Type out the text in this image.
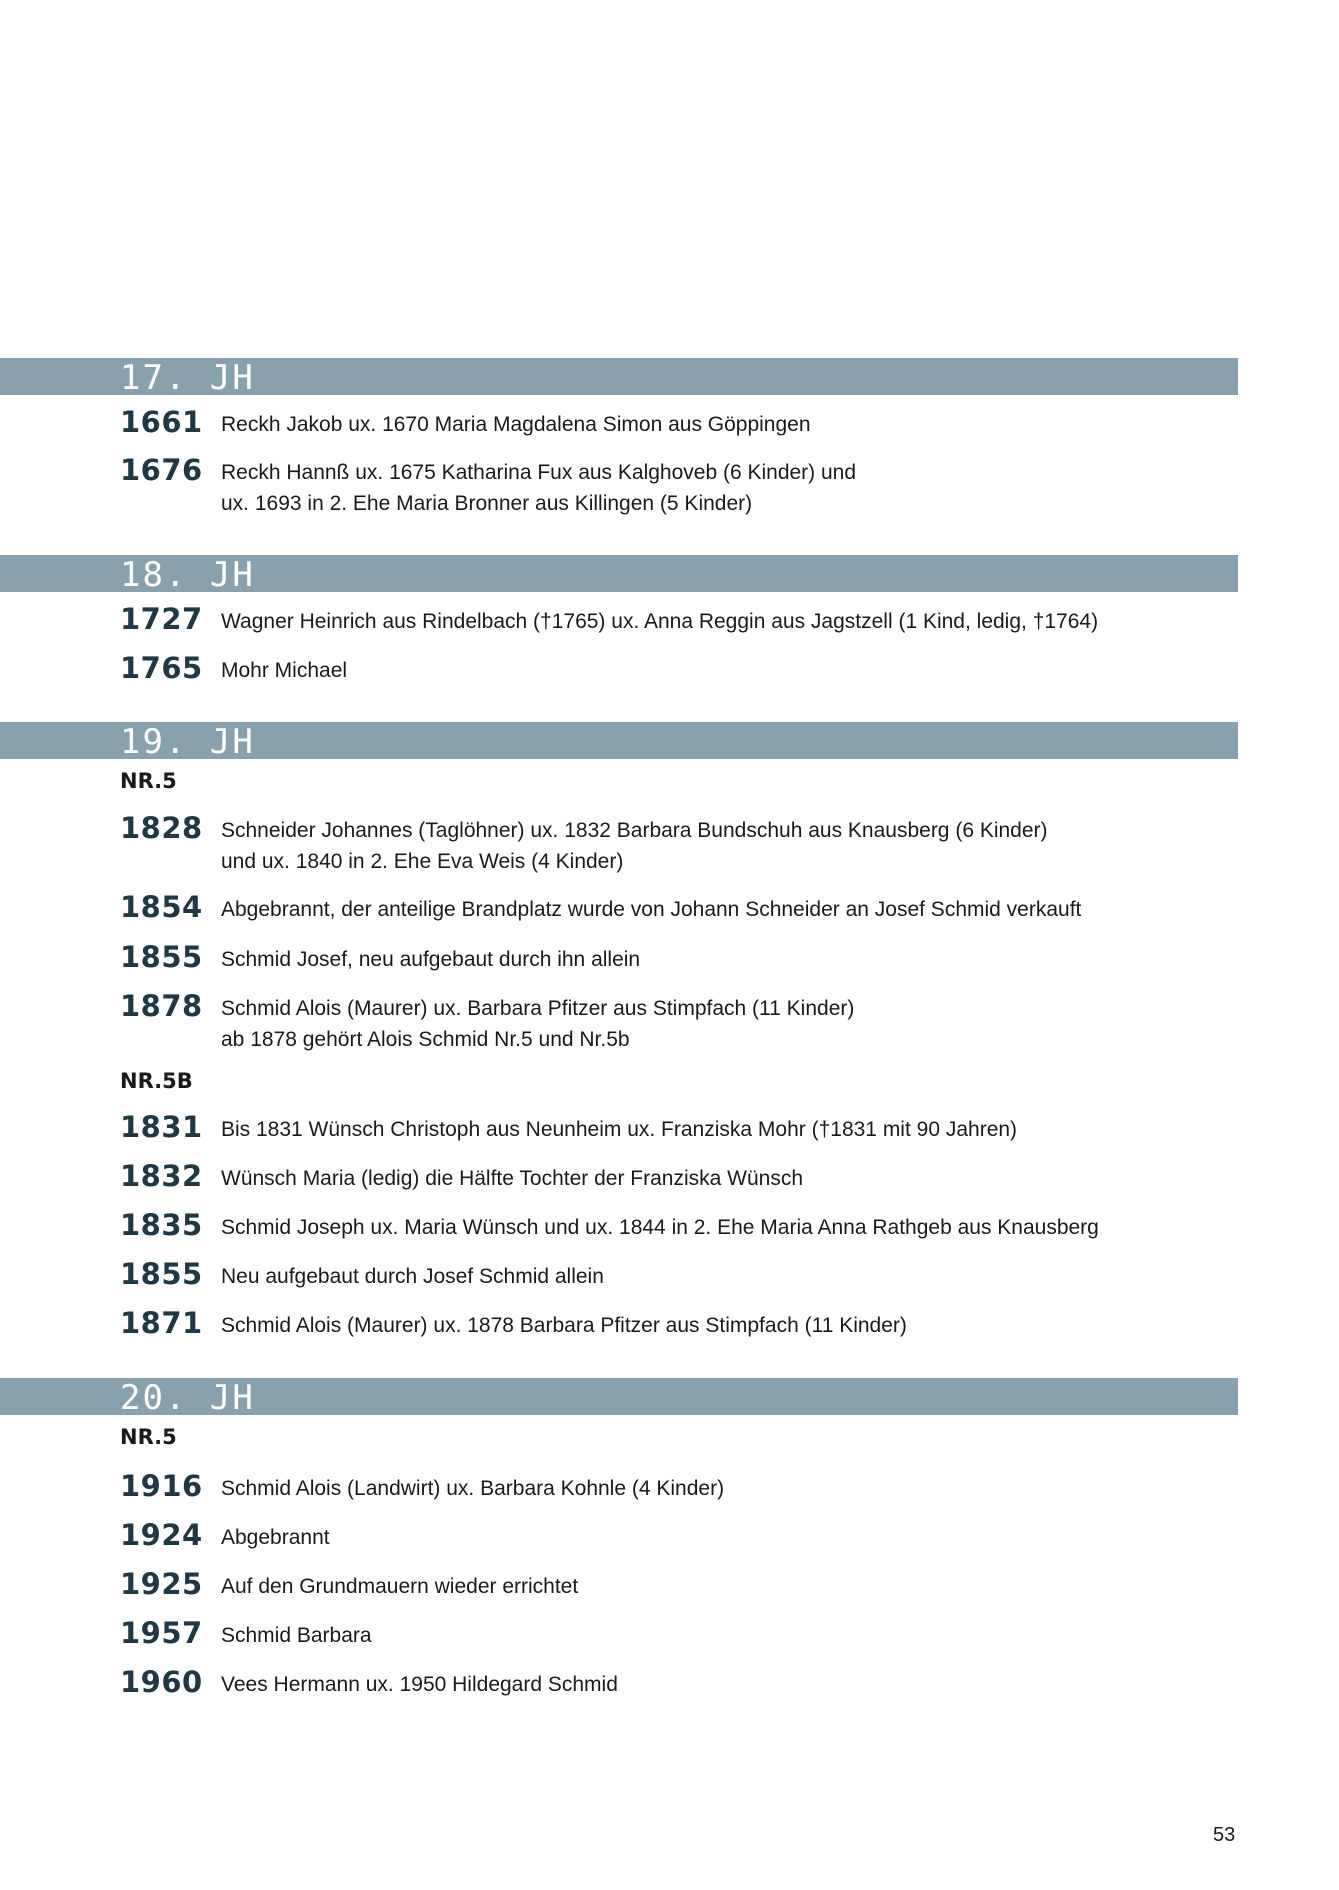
17. JH
1661 Reckh Jakob ux. 1670 Maria Magdalena Simon aus Göppingen
1676 Reckh Hannß ux. 1675 Katharina Fux aus Kalghoveb (6 Kinder) und
ux. 1693 in 2. Ehe Maria Bronner aus Killingen (5 Kinder)
18. JH
1727 Wagner Heinrich aus Rindelbach (†1765) ux. Anna Reggin aus Jagstzell (1 Kind, ledig, †1764)
1765 Mohr Michael
19. JH
NR.5
1828 Schneider Johannes (Taglöhner) ux. 1832 Barbara Bundschuh aus Knausberg (6 Kinder)
und ux. 1840 in 2. Ehe Eva Weis (4 Kinder)
1854 Abgebrannt, der anteilige Brandplatz wurde von Johann Schneider an Josef Schmid verkauft
1855 Schmid Josef, neu aufgebaut durch ihn allein
1878 Schmid Alois (Maurer) ux. Barbara Pfitzer aus Stimpfach (11 Kinder)
ab 1878 gehört Alois Schmid Nr.5 und Nr.5b
NR.5B
1831 Bis 1831 Wünsch Christoph aus Neunheim ux. Franziska Mohr (†1831 mit 90 Jahren)
1832 Wünsch Maria (ledig) die Hälfte Tochter der Franziska Wünsch
1835 Schmid Joseph ux. Maria Wünsch und ux. 1844 in 2. Ehe Maria Anna Rathgeb aus Knausberg
1855 Neu aufgebaut durch Josef Schmid allein
1871 Schmid Alois (Maurer) ux. 1878 Barbara Pfitzer aus Stimpfach (11 Kinder)
20. JH
NR.5
1916 Schmid Alois (Landwirt) ux. Barbara Kohnle (4 Kinder)
1924 Abgebrannt
1925 Auf den Grundmauern wieder errichtet
1957 Schmid Barbara
1960 Vees Hermann ux. 1950 Hildegard Schmid
53
